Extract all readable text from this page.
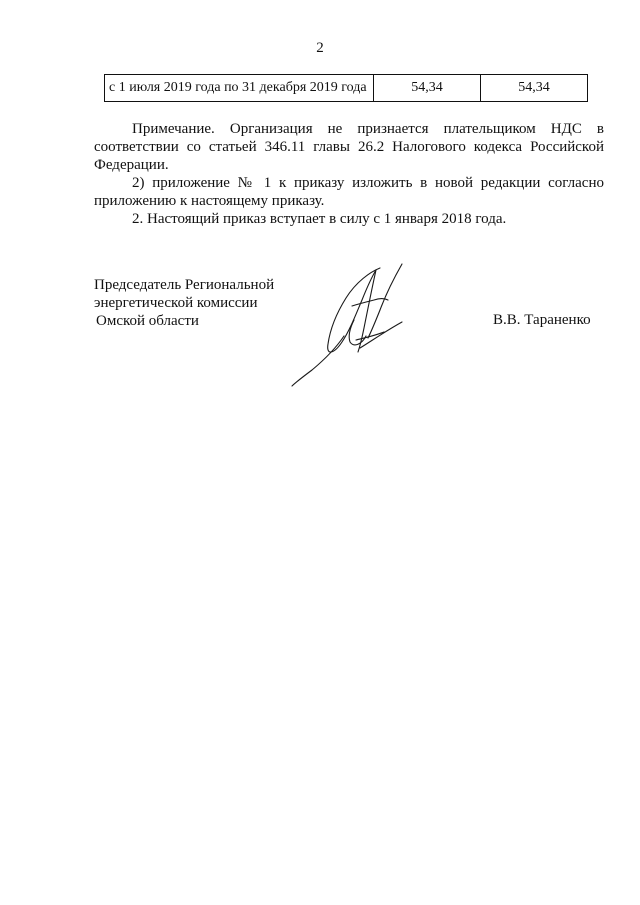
2
с 1 июля 2019 года по 31 декабря 2019 года	54,34	54,34

Примечание. Организация не признается плательщиком НДС в соответствии со статьей 346.11 главы 26.2 Налогового кодекса Российской Федерации.

2) приложение № 1 к приказу изложить в новой редакции согласно приложению к настоящему приказу.

2. Настоящий приказ вступает в силу с 1 января 2018 года.

Председатель Региональной
энергетической комиссии
Омской области	В.В. Тараненко
